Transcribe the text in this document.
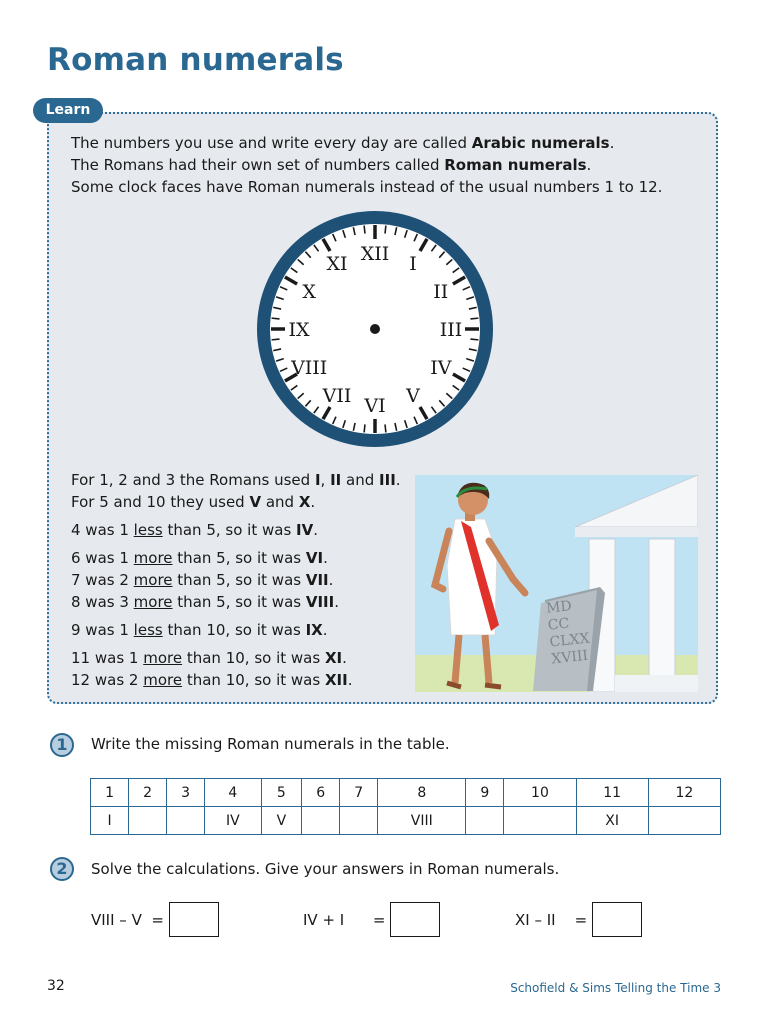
Roman numerals
Learn

The numbers you use and write every day are called Arabic numerals.

The Romans had their own set of numbers called Roman numerals.

Some clock faces have Roman numerals instead of the usual numbers 1 to 12.

XII I
II
III
IV
V
VI
VII
VIII
IX
X
XI

For 1, 2 and 3 the Romans used I, II and III.

For 5 and 10 they used V and X.

4 was 1 less than 5, so it was IV.

6 was 1 more than 5, so it was VI.

7 was 2 more than 5, so it was VII.

8 was 3 more than 5, so it was VIII.

9 was 1 less than 10, so it was IX.

11 was 1 more than 10, so it was XI.

12 was 2 more than 10, so it was XII.

MDCCCLXXXVIII
1	Write the missing Roman numerals in the table.
1	2	3	4	5	6	7	8	9	10	11	12
I			IV	V			VIII			XI	
2	Solve the calculations. Give your answers in Roman numerals.
VIII – V  =	IV + I      =	XI – II    =
32	Schofield & Sims Telling the Time 3
